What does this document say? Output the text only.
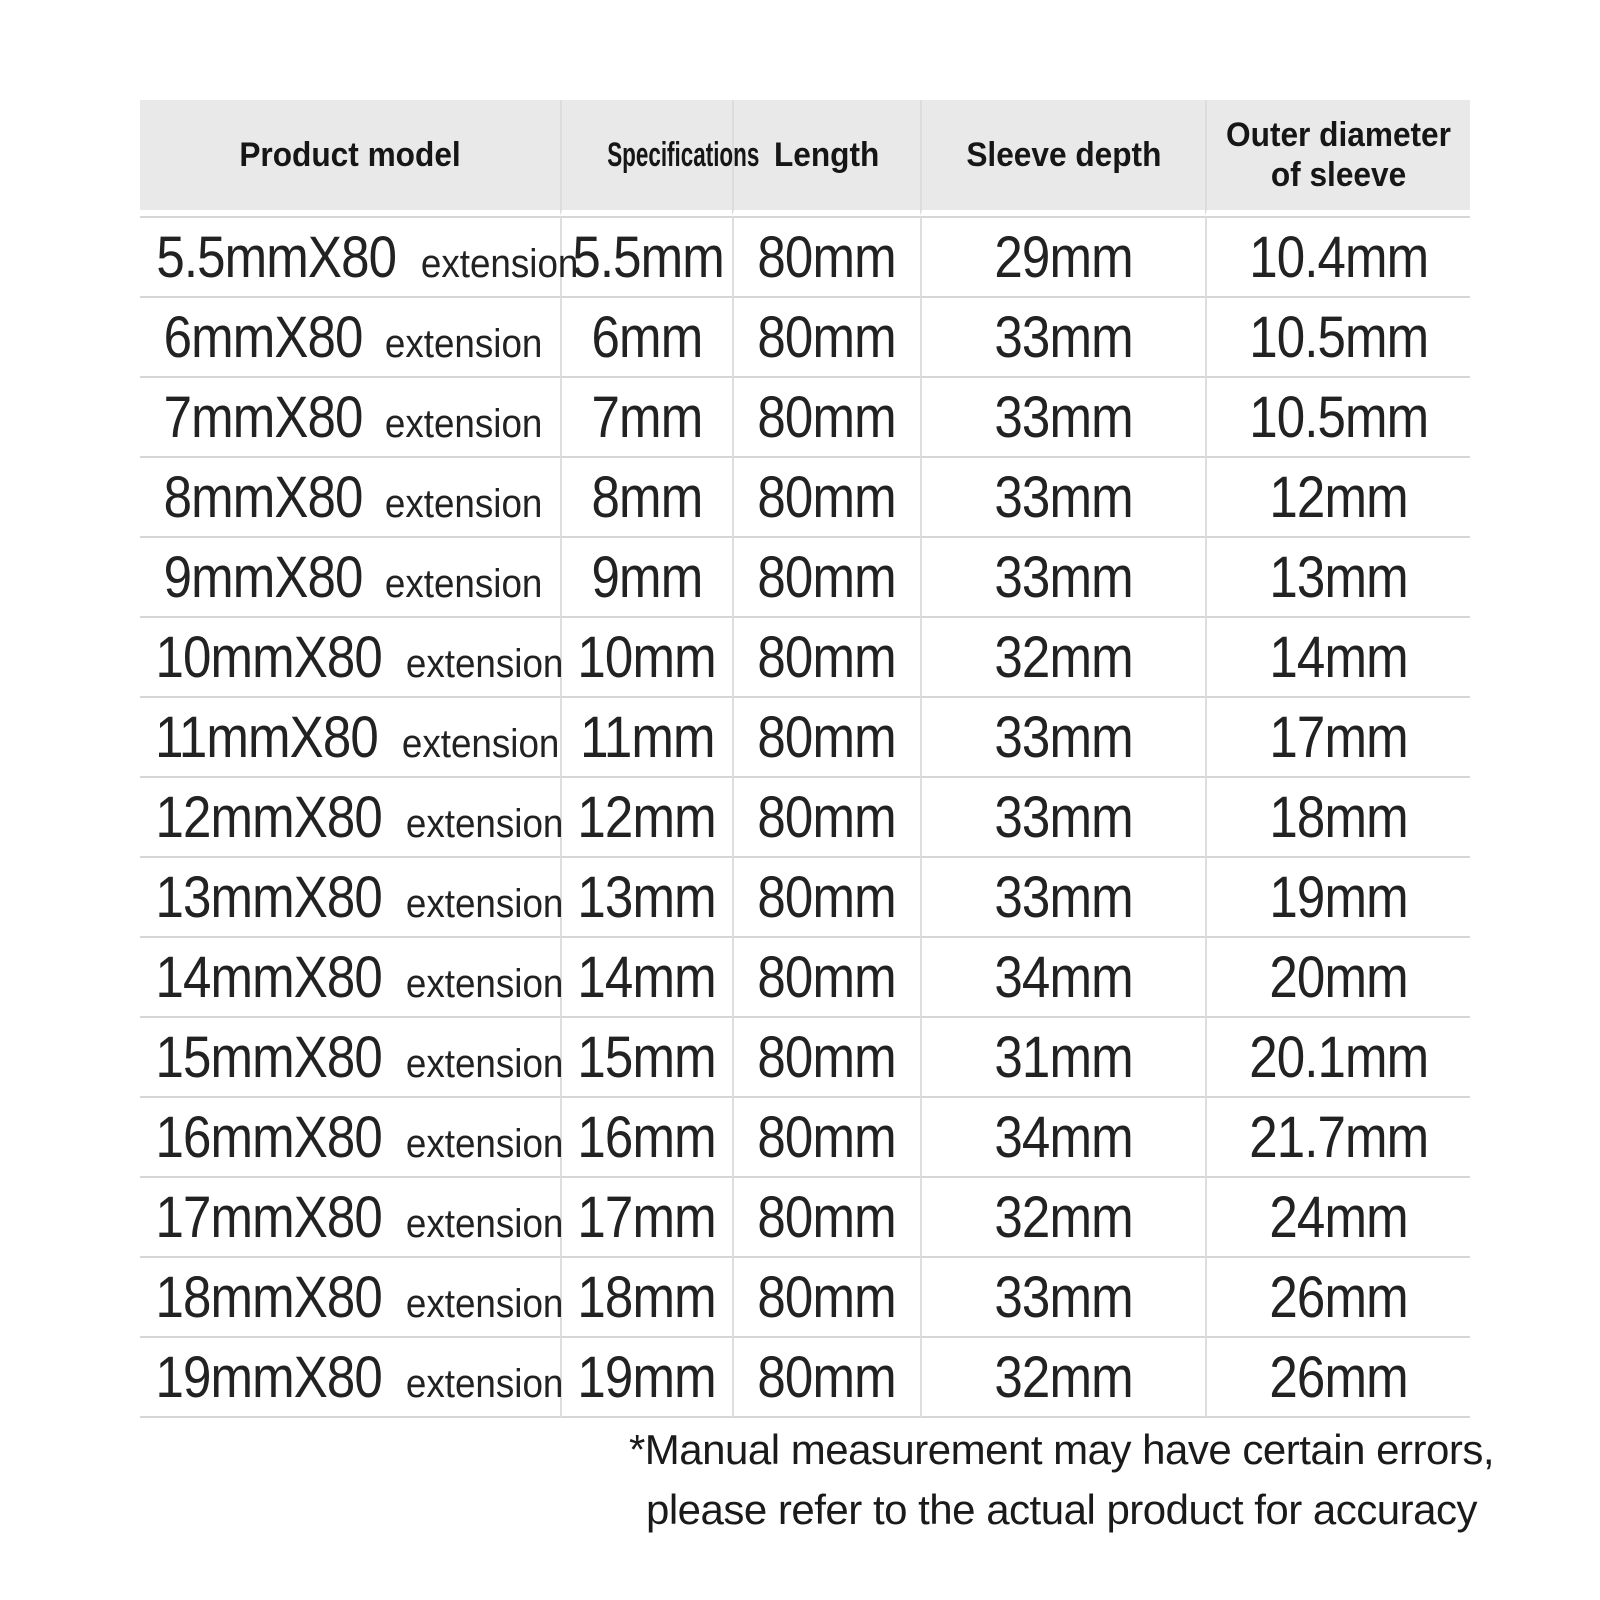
Product model	Specifications	Length	Sleeve depth	Outer diameter of sleeve
5.5mmX80 extension	5.5mm	80mm	29mm	10.4mm
6mmX80 extension	6mm	80mm	33mm	10.5mm
7mmX80 extension	7mm	80mm	33mm	10.5mm
8mmX80 extension	8mm	80mm	33mm	12mm
9mmX80 extension	9mm	80mm	33mm	13mm
10mmX80 extension	10mm	80mm	32mm	14mm
11mmX80 extension	11mm	80mm	33mm	17mm
12mmX80 extension	12mm	80mm	33mm	18mm
13mmX80 extension	13mm	80mm	33mm	19mm
14mmX80 extension	14mm	80mm	34mm	20mm
15mmX80 extension	15mm	80mm	31mm	20.1mm
16mmX80 extension	16mm	80mm	34mm	21.7mm
17mmX80 extension	17mm	80mm	32mm	24mm
18mmX80 extension	18mm	80mm	33mm	26mm
19mmX80 extension	19mm	80mm	32mm	26mm
*Manual measurement may have certain errors,
please refer to the actual product for accuracy
